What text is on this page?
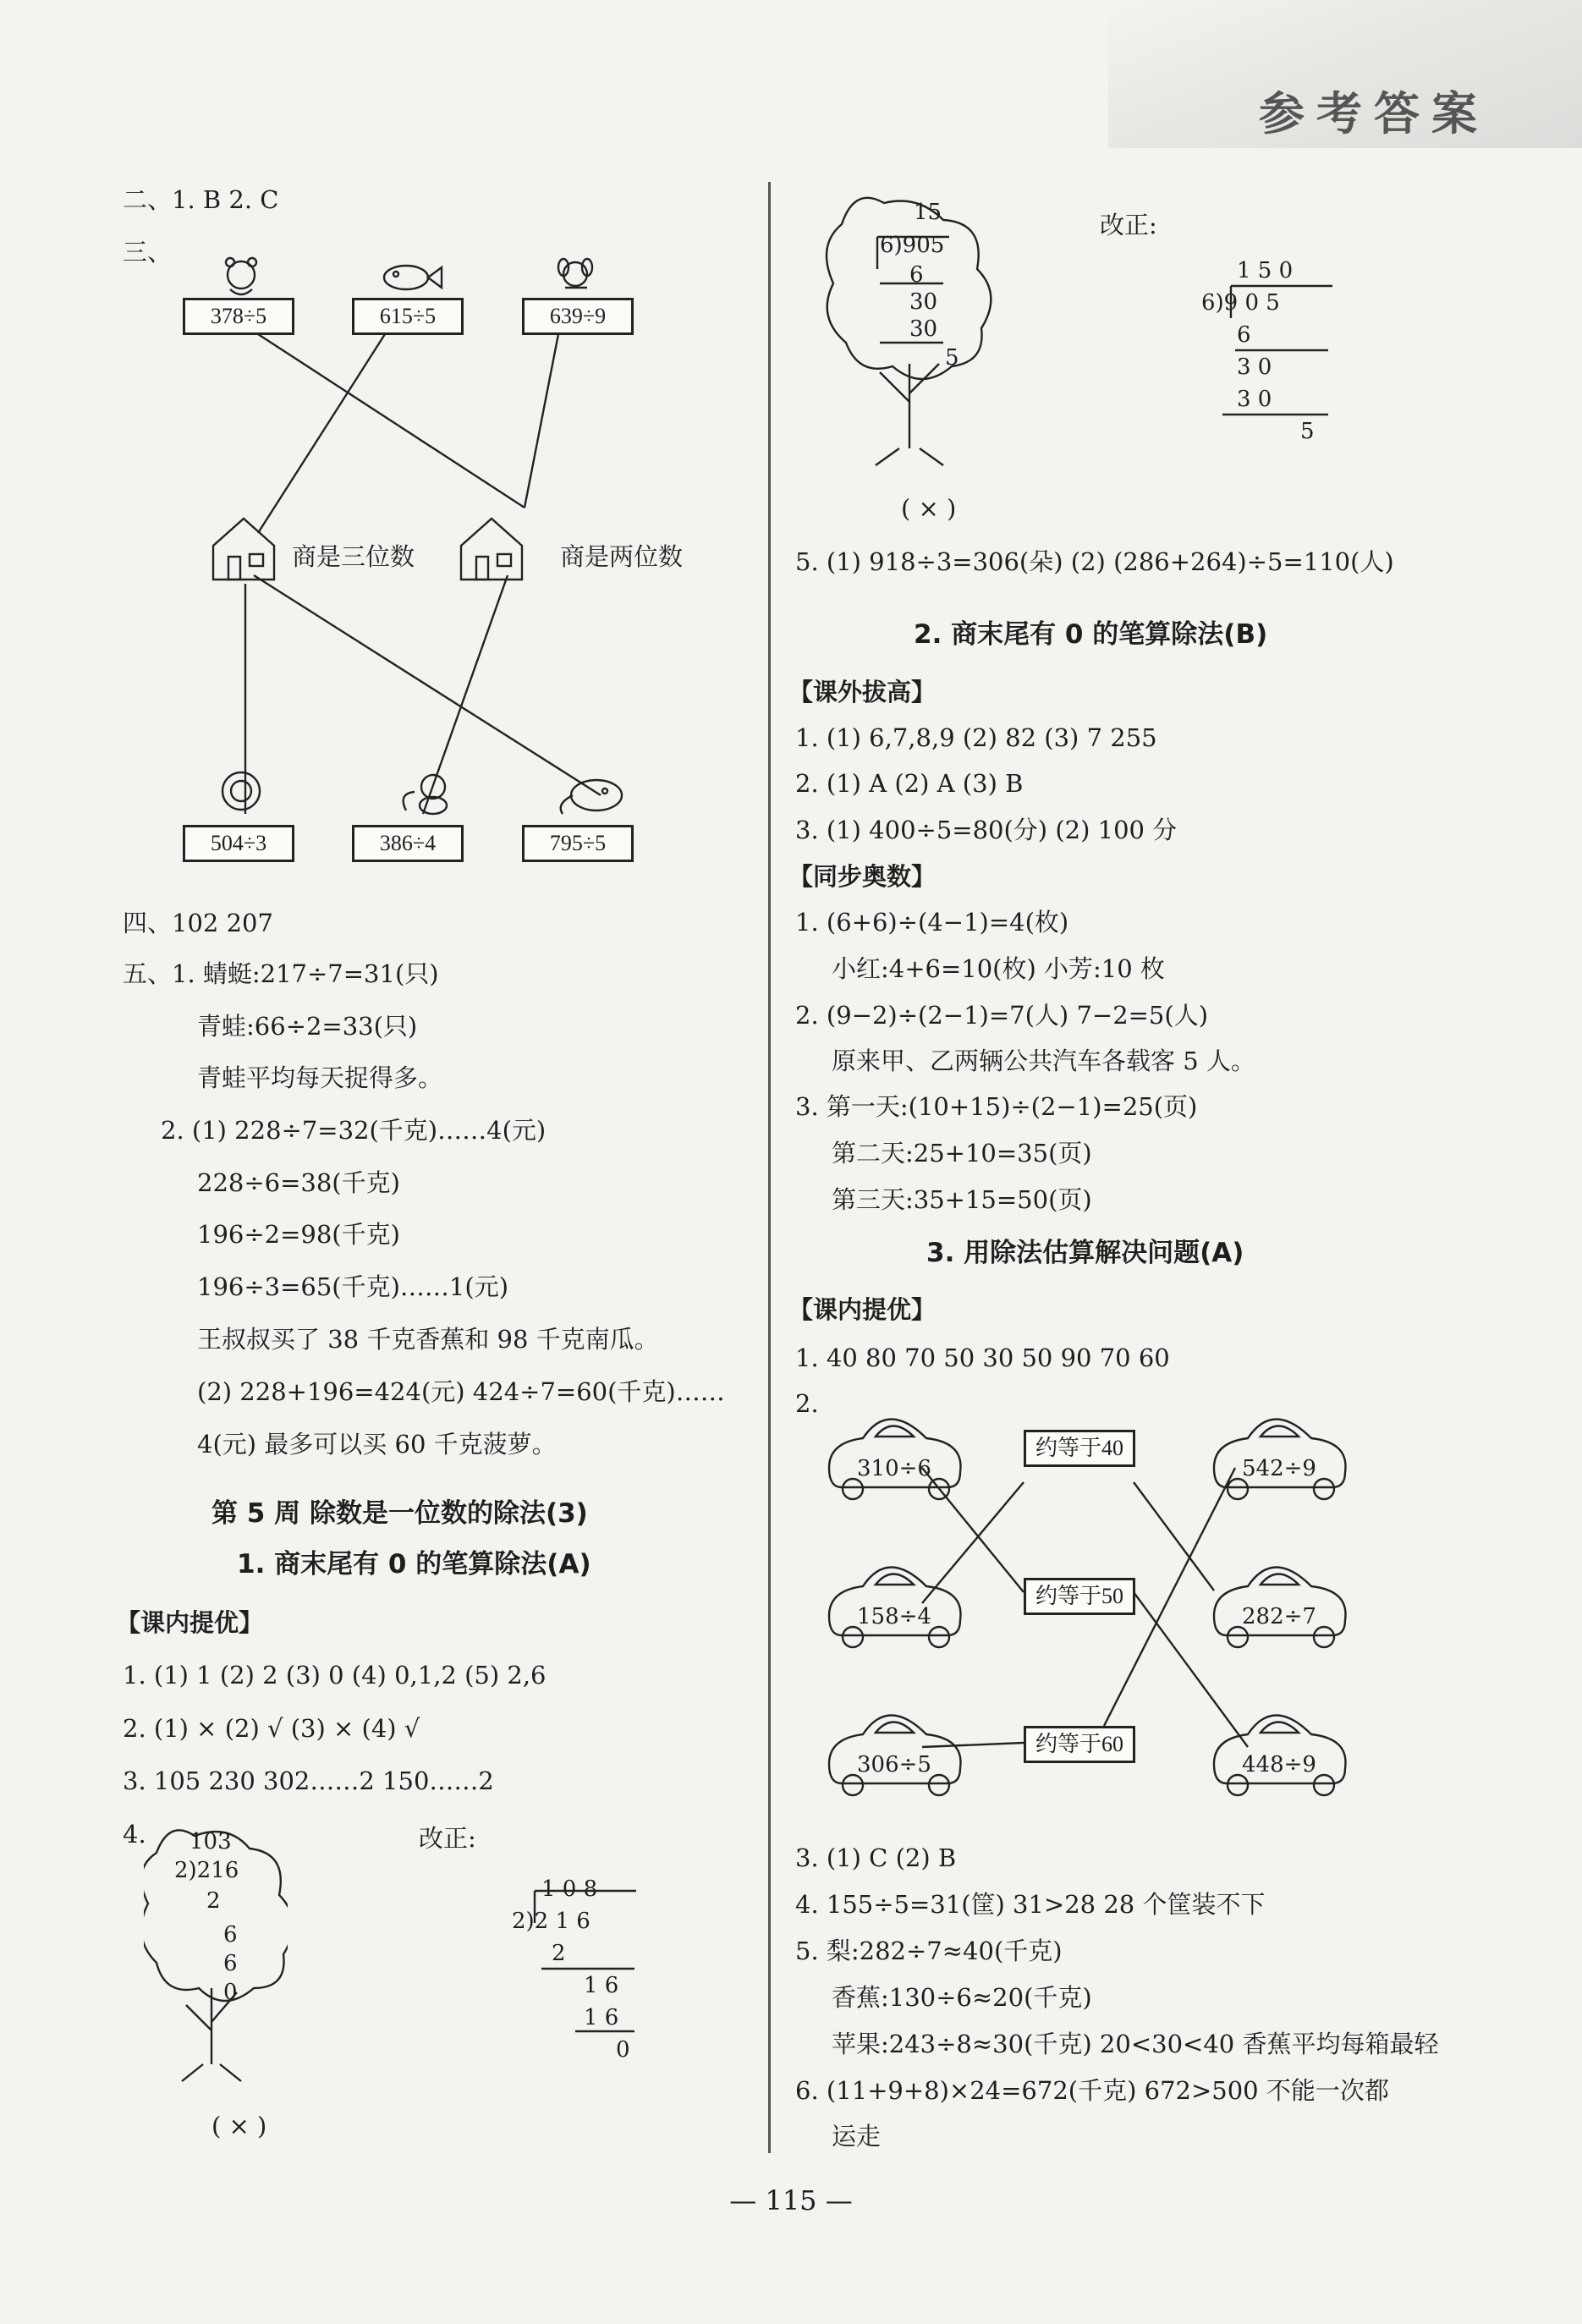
参考答案
二、1. B 2. C
三、
378÷5	615÷5	639÷9
商是三位数	商是两位数
504÷3	386÷4	795÷5
四、102 207
五、1. 蜻蜓:217÷7=31(只)
青蛙:66÷2=33(只)
青蛙平均每天捉得多。
2. (1) 228÷7=32(千克)……4(元)
228÷6=38(千克)
196÷2=98(千克)
196÷3=65(千克)……1(元)
王叔叔买了 38 千克香蕉和 98 千克南瓜。
(2) 228+196=424(元) 424÷7=60(千克)……
4(元) 最多可以买 60 千克菠萝。
第 5 周 除数是一位数的除法(3)
1. 商末尾有 0 的笔算除法(A)
【课内提优】
1. (1) 1 (2) 2 (3) 0 (4) 0,1,2 (5) 2,6
2. (1) × (2) √ (3) × (4) √
3. 105 230 302……2 150……2
4. 103
2)216
2
6
6
0
( × )
改正:
1 0 8
2)2 1 6
2
1 6
1 6
0
15
6)905
6
30
30
5
( × )
改正:
1 5 0
6)9 0 5
6
3 0
3 0
5
5. (1) 918÷3=306(朵) (2) (286+264)÷5=110(人)
2. 商末尾有 0 的笔算除法(B)
【课外拔高】
1. (1) 6,7,8,9 (2) 82 (3) 7 255
2. (1) A (2) A (3) B
3. (1) 400÷5=80(分) (2) 100 分
【同步奥数】
1. (6+6)÷(4−1)=4(枚)
小红:4+6=10(枚) 小芳:10 枚
2. (9−2)÷(2−1)=7(人) 7−2=5(人)
原来甲、乙两辆公共汽车各载客 5 人。
3. 第一天:(10+15)÷(2−1)=25(页)
第二天:25+10=35(页)
第三天:35+15=50(页)
3. 用除法估算解决问题(A)
【课内提优】
1. 40 80 70 50 30 50 90 70 60
2.
310÷6
158÷4
306÷5
542÷9
282÷7
448÷9
约等于40
约等于50
约等于60
3. (1) C (2) B
4. 155÷5=31(筐) 31>28 28 个筐装不下
5. 梨:282÷7≈40(千克)
香蕉:130÷6≈20(千克)
苹果:243÷8≈30(千克) 20<30<40 香蕉平均每箱最轻
6. (11+9+8)×24=672(千克) 672>500 不能一次都
运走
— 115 —
